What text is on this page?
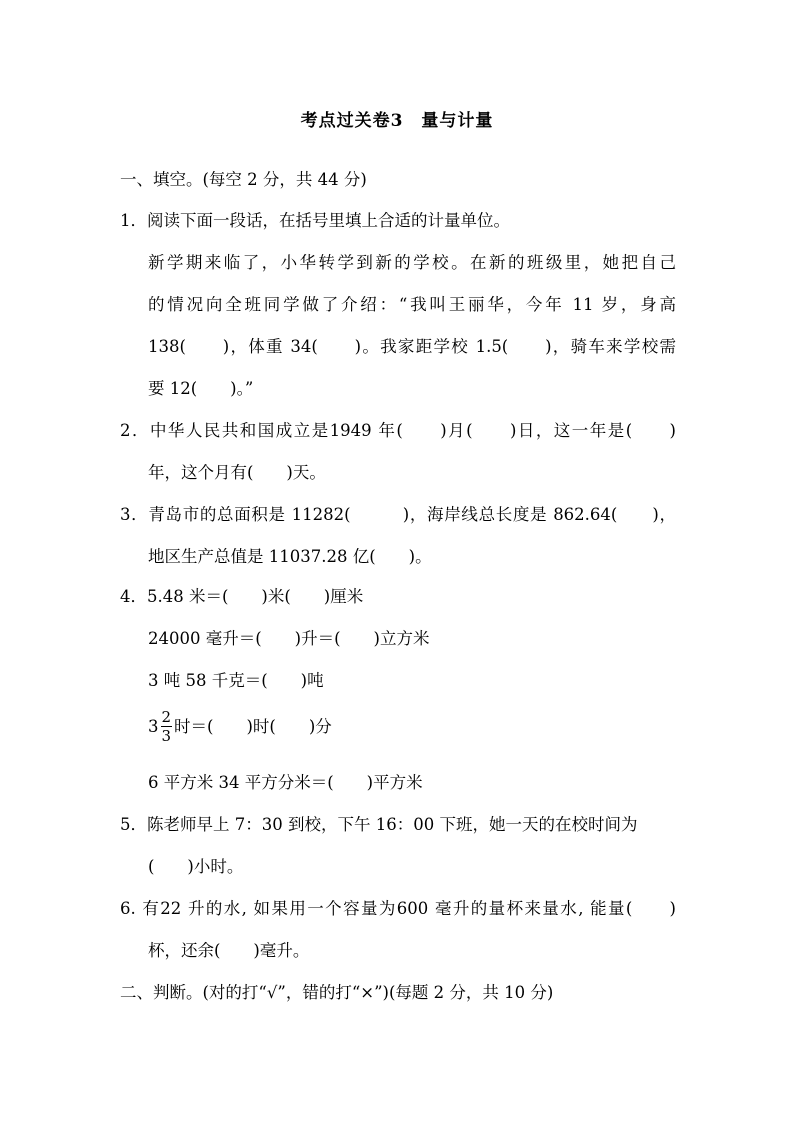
考点过关卷3　量与计量
一、填空。(每空 2 分，共 44 分)
1．阅读下面一段话，在括号里填上合适的计量单位。
新学期来临了，小华转学到新的学校。在新的班级里，她把自己
的情况向全班同学做了介绍：“我叫王丽华，今年 11 岁，身高
138(　　)，体重 34(　　)。我家距学校 1.5(　　)，骑车来学校需
要 12(　　)。”
2．中华人民共和国成立是1949 年(　　)月(　　)日，这一年是(　　)
年，这个月有(　　)天。
3．青岛市的总面积是 11282(　　　)，海岸线总长度是 862.64(　　)，
地区生产总值是 11037.28 亿(　　)。
4．5.48 米＝(　　)米(　　)厘米
24000 毫升＝(　　)升＝(　　)立方米
3 吨 58 千克＝(　　)吨
$3 \frac{2}{3}$ 时＝(　　)时(　　)分
6 平方米 34 平方分米＝(　　)平方米
5．陈老师早上 7：30 到校，下午 16：00 下班，她一天的在校时间为
(　　)小时。
6. 有22 升的水, 如果用一个容量为600 毫升的量杯来量水, 能量(　　)
杯，还余(　　)毫升。
二、判断。(对的打“√”，错的打“×”)(每题 2 分，共 10 分)
